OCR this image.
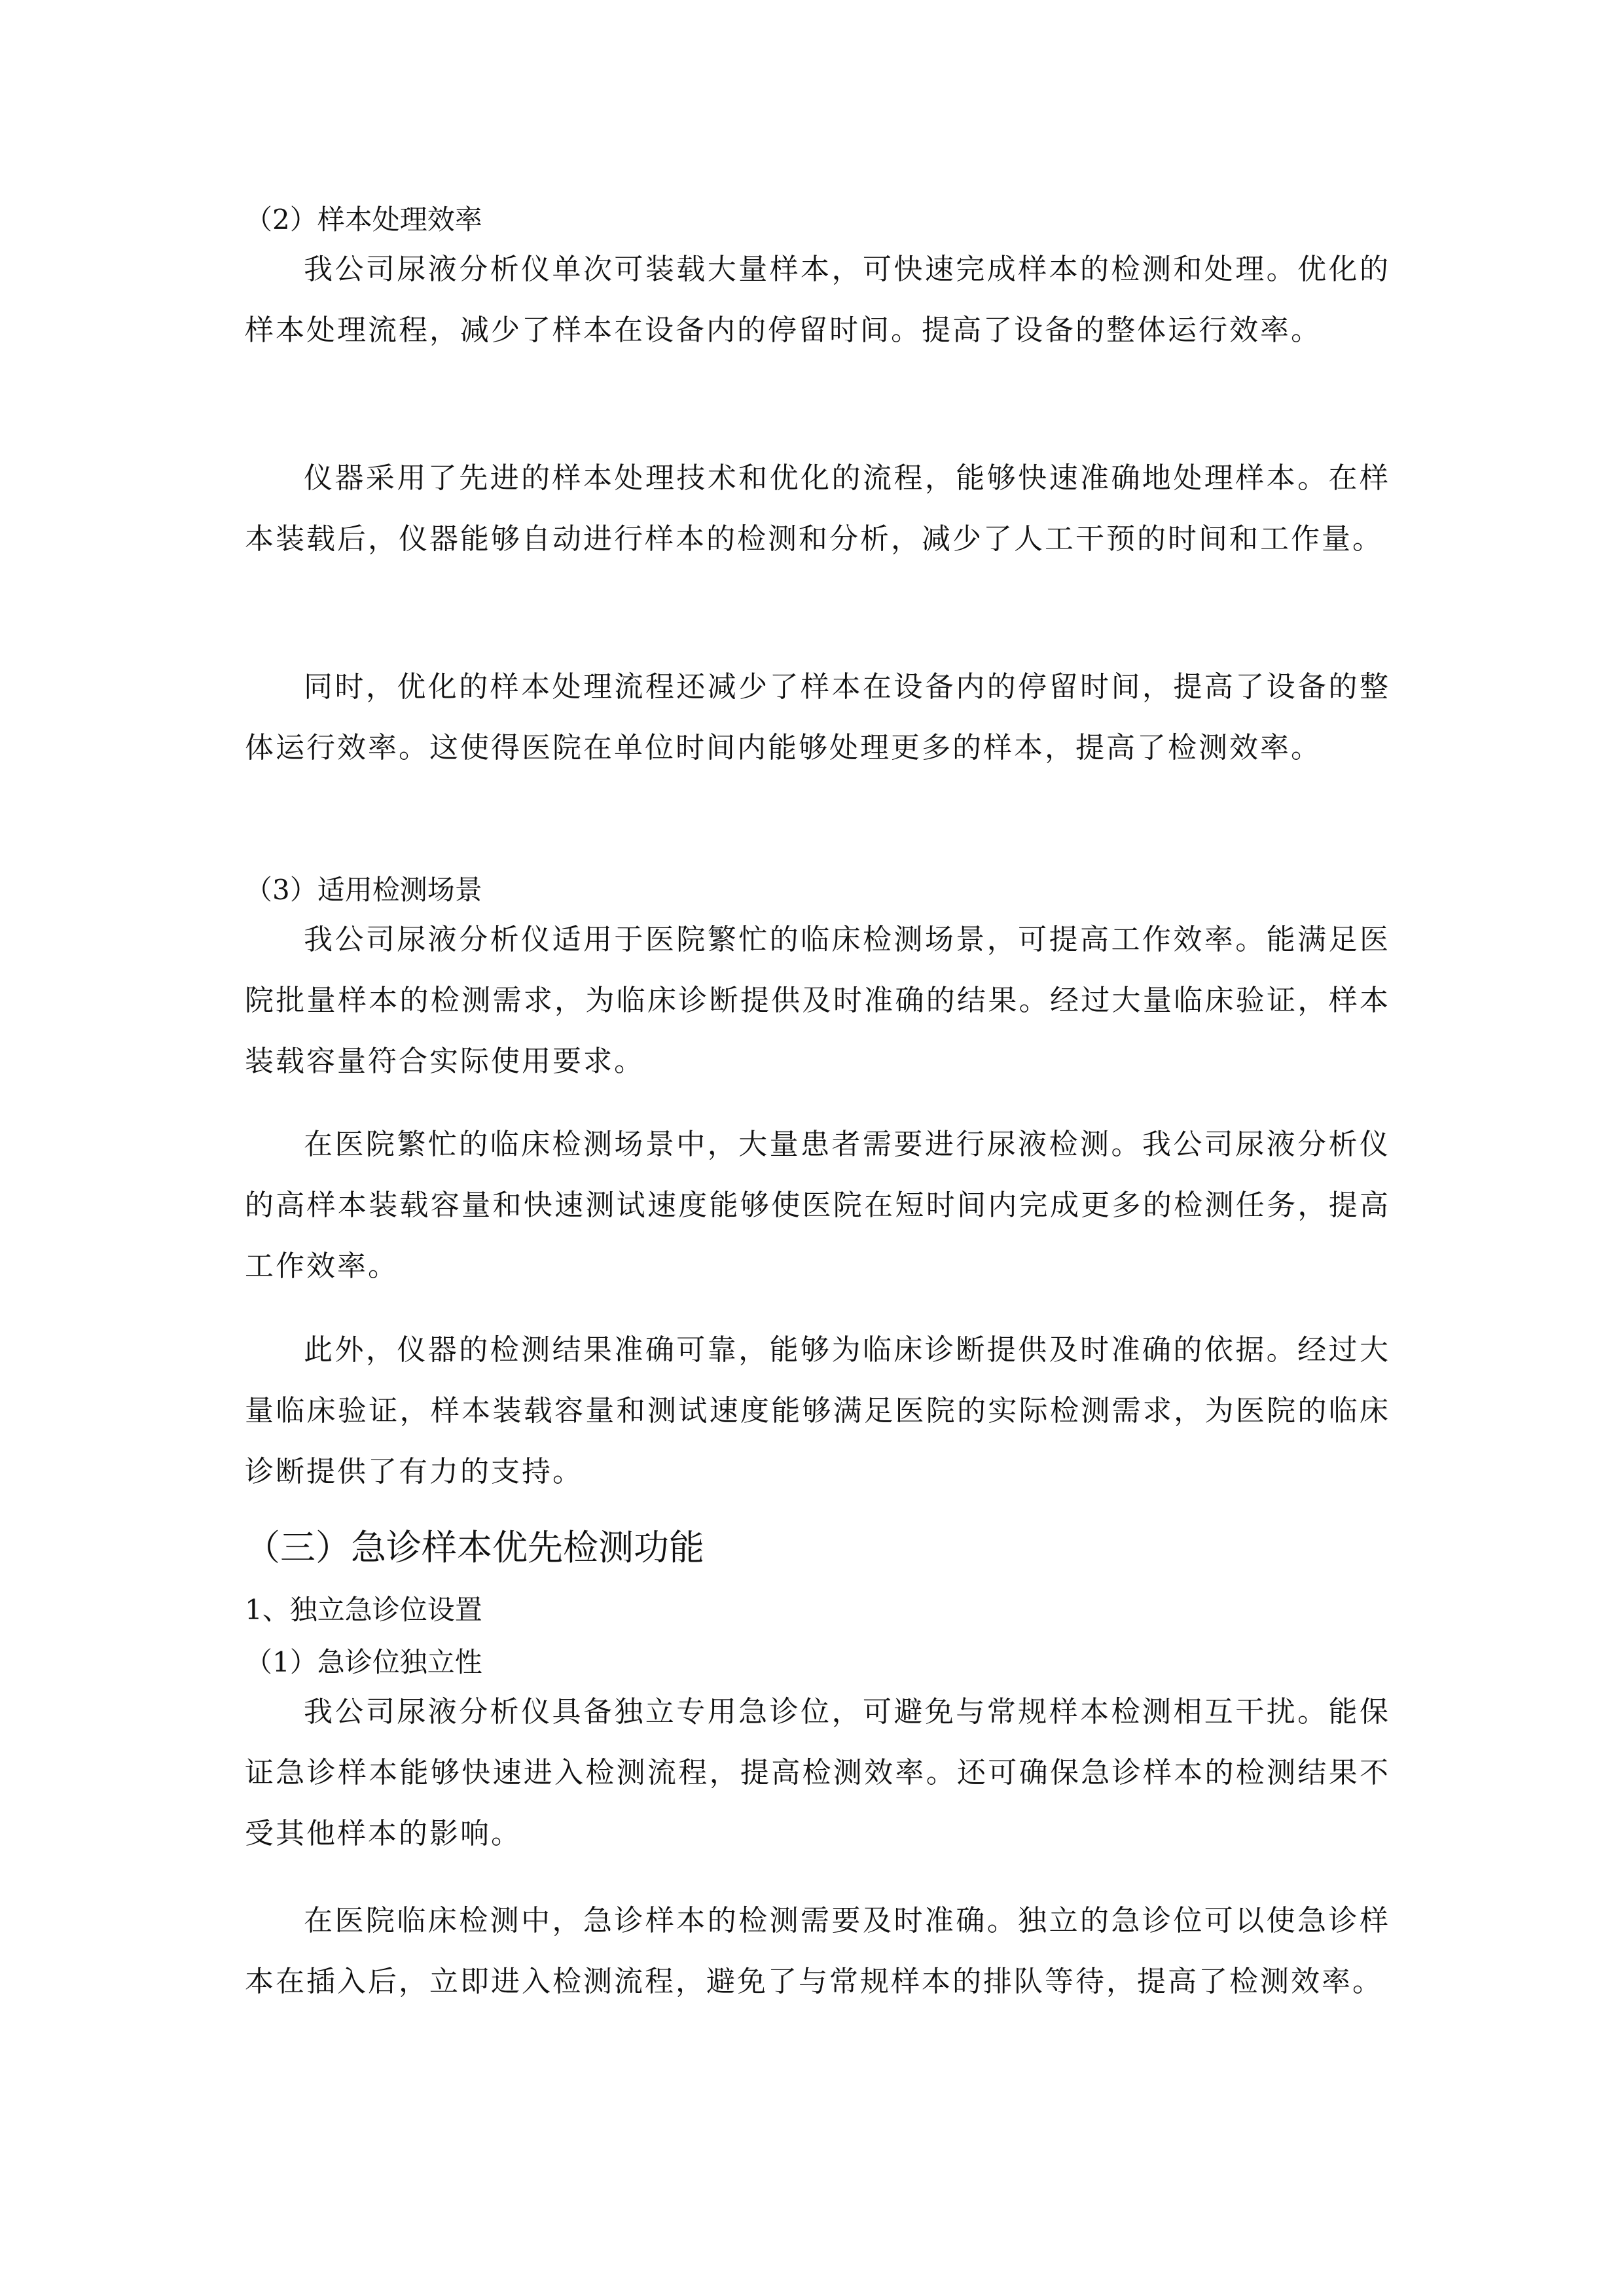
（2）样本处理效率
我公司尿液分析仪单次可装载大量样本，可快速完成样本的检测和处理。优化的样本处理流程，减少了样本在设备内的停留时间。提高了设备的整体运行效率。
仪器采用了先进的样本处理技术和优化的流程，能够快速准确地处理样本。在样本装载后，仪器能够自动进行样本的检测和分析，减少了人工干预的时间和工作量。
同时，优化的样本处理流程还减少了样本在设备内的停留时间，提高了设备的整体运行效率。这使得医院在单位时间内能够处理更多的样本，提高了检测效率。
（3）适用检测场景
我公司尿液分析仪适用于医院繁忙的临床检测场景，可提高工作效率。能满足医院批量样本的检测需求，为临床诊断提供及时准确的结果。经过大量临床验证，样本装载容量符合实际使用要求。
在医院繁忙的临床检测场景中，大量患者需要进行尿液检测。我公司尿液分析仪的高样本装载容量和快速测试速度能够使医院在短时间内完成更多的检测任务，提高工作效率。
此外，仪器的检测结果准确可靠，能够为临床诊断提供及时准确的依据。经过大量临床验证，样本装载容量和测试速度能够满足医院的实际检测需求，为医院的临床诊断提供了有力的支持。
（三）急诊样本优先检测功能
1、独立急诊位设置
（1）急诊位独立性
我公司尿液分析仪具备独立专用急诊位，可避免与常规样本检测相互干扰。能保证急诊样本能够快速进入检测流程，提高检测效率。还可确保急诊样本的检测结果不受其他样本的影响。
在医院临床检测中，急诊样本的检测需要及时准确。独立的急诊位可以使急诊样本在插入后，立即进入检测流程，避免了与常规样本的排队等待，提高了检测效率。
